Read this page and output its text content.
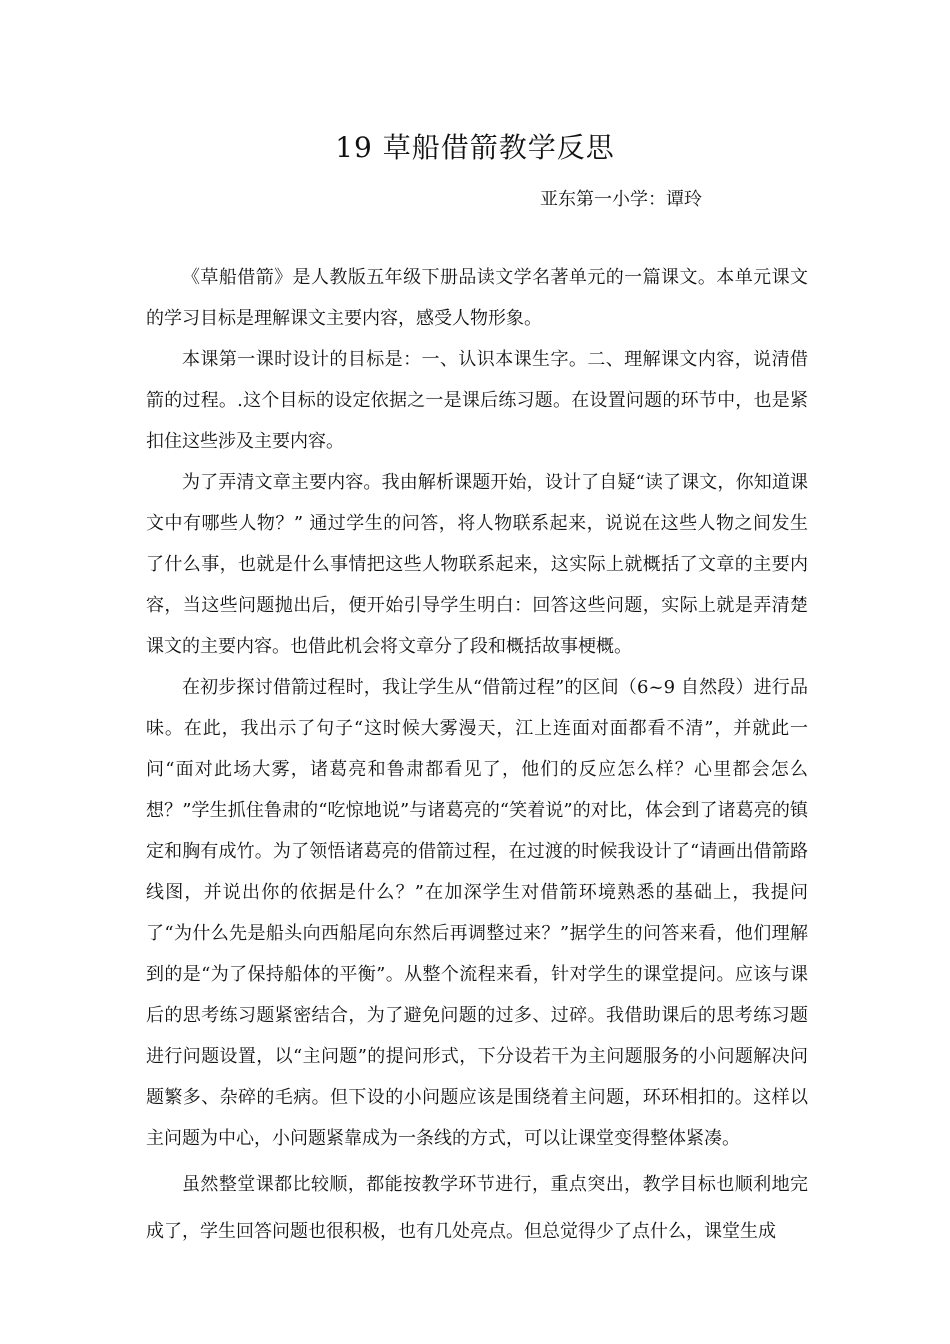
19 草船借箭教学反思
亚东第一小学：谭玲

《草船借箭》是人教版五年级下册品读文学名著单元的一篇课文。本单元课文的学习目标是理解课文主要内容，感受人物形象。

本课第一课时设计的目标是：一、认识本课生字。二、理解课文内容，说清借箭的过程。.这个目标的设定依据之一是课后练习题。在设置问题的环节中，也是紧扣住这些涉及主要内容。

为了弄清文章主要内容。我由解析课题开始，设计了自疑“读了课文，你知道课文中有哪些人物？” 通过学生的问答，将人物联系起来，说说在这些人物之间发生了什么事，也就是什么事情把这些人物联系起来，这实际上就概括了文章的主要内容，当这些问题抛出后，便开始引导学生明白：回答这些问题，实际上就是弄清楚课文的主要内容。也借此机会将文章分了段和概括故事梗概。

在初步探讨借箭过程时，我让学生从“借箭过程”的区间（6~9 自然段）进行品味。在此，我出示了句子“这时候大雾漫天，江上连面对面都看不清”，并就此一问“面对此场大雾，诸葛亮和鲁肃都看见了，他们的反应怎么样？心里都会怎么想？”学生抓住鲁肃的“吃惊地说”与诸葛亮的“笑着说”的对比，体会到了诸葛亮的镇定和胸有成竹。为了领悟诸葛亮的借箭过程，在过渡的时候我设计了“请画出借箭路线图，并说出你的依据是什么？”在加深学生对借箭环境熟悉的基础上，我提问了“为什么先是船头向西船尾向东然后再调整过来？”据学生的问答来看，他们理解到的是“为了保持船体的平衡”。从整个流程来看，针对学生的课堂提问。应该与课后的思考练习题紧密结合，为了避免问题的过多、过碎。我借助课后的思考练习题进行问题设置，以“主问题”的提问形式，下分设若干为主问题服务的小问题解决问题繁多、杂碎的毛病。但下设的小问题应该是围绕着主问题，环环相扣的。这样以主问题为中心，小问题紧靠成为一条线的方式，可以让课堂变得整体紧凑。

虽然整堂课都比较顺，都能按教学环节进行，重点突出，教学目标也顺利地完成了，学生回答问题也很积极，也有几处亮点。但总觉得少了点什么，课堂生成
